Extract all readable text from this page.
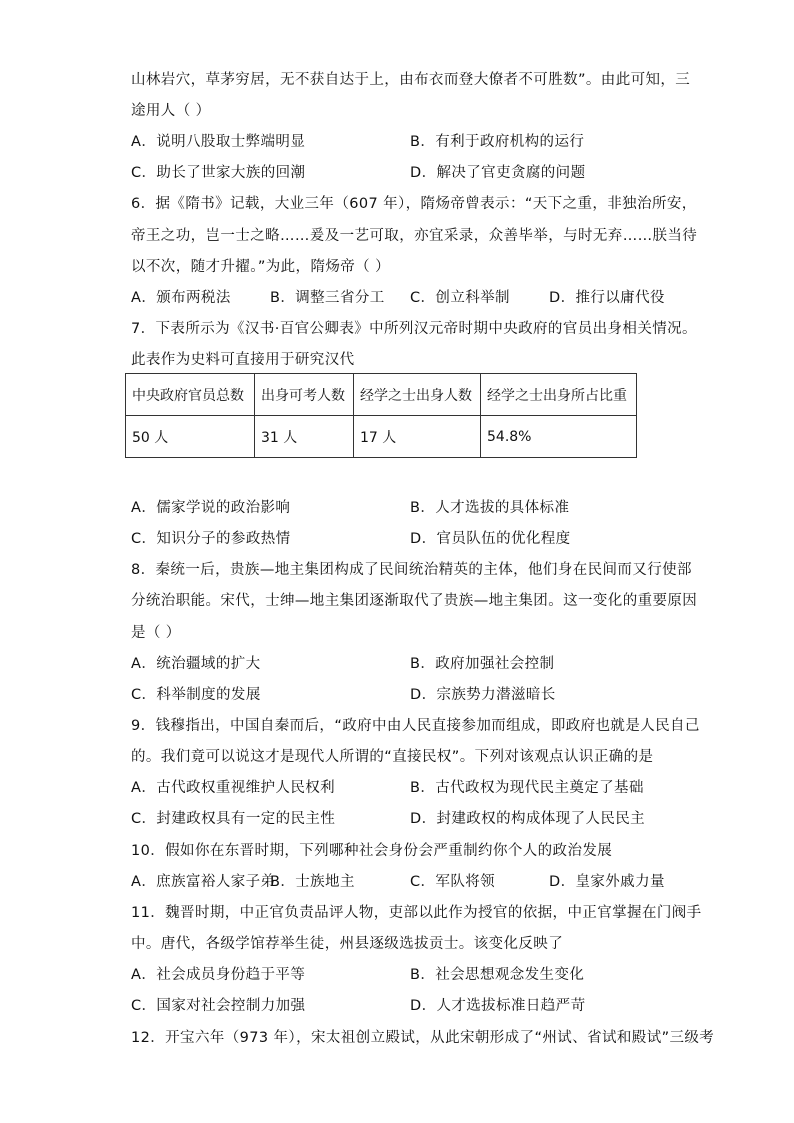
山林岩穴，草茅穷居，无不获自达于上，由布衣而登大僚者不可胜数”。由此可知，三
途用人（ ）
A．说明八股取士弊端明显	B．有利于政府机构的运行
C．助长了世家大族的回潮	D．解决了官吏贪腐的问题
6．据《隋书》记载，大业三年（607 年），隋炀帝曾表示：“天下之重，非独治所安，
帝王之功，岂一士之略……爰及一艺可取，亦宜采录，众善毕举，与时无弃……朕当待
以不次，随才升擢。”为此，隋炀帝（ ）
A．颁布两税法	B．调整三省分工 C．创立科举制	D．推行以庸代役
7．下表所示为《汉书·百官公卿表》中所列汉元帝时期中央政府的官员出身相关情况。
此表作为史料可直接用于研究汉代
中央政府官员总数	出身可考人数	经学之士出身人数	经学之士出身所占比重
50 人	31 人	17 人	54.8%
A．儒家学说的政治影响	B．人才选拔的具体标准
C．知识分子的参政热情	D．官员队伍的优化程度
8．秦统一后，贵族—地主集团构成了民间统治精英的主体，他们身在民间而又行使部
分统治职能。宋代，士绅—地主集团逐渐取代了贵族—地主集团。这一变化的重要原因
是（ ）
A．统治疆域的扩大	B．政府加强社会控制
C．科举制度的发展	D．宗族势力潜滋暗长
9．钱穆指出，中国自秦而后，“政府中由人民直接参加而组成，即政府也就是人民自己
的。我们竟可以说这才是现代人所谓的“直接民权”。下列对该观点认识正确的是
A．古代政权重视维护人民权利	B．古代政权为现代民主奠定了基础
C．封建政权具有一定的民主性	D．封建政权的构成体现了人民民主
10．假如你在东晋时期，下列哪种社会身份会严重制约你个人的政治发展
A．庶族富裕人家子弟
B．士族地主	C．军队将领	D．皇家外戚力量
11．魏晋时期，中正官负责品评人物，吏部以此作为授官的依据，中正官掌握在门阀手
中。唐代，各级学馆荐举生徒，州县逐级选拔贡士。该变化反映了
A．社会成员身份趋于平等	B．社会思想观念发生变化
C．国家对社会控制力加强	D．人才选拔标准日趋严苛
12．开宝六年（973 年），宋太祖创立殿试，从此宋朝形成了“州试、省试和殿试”三级考
